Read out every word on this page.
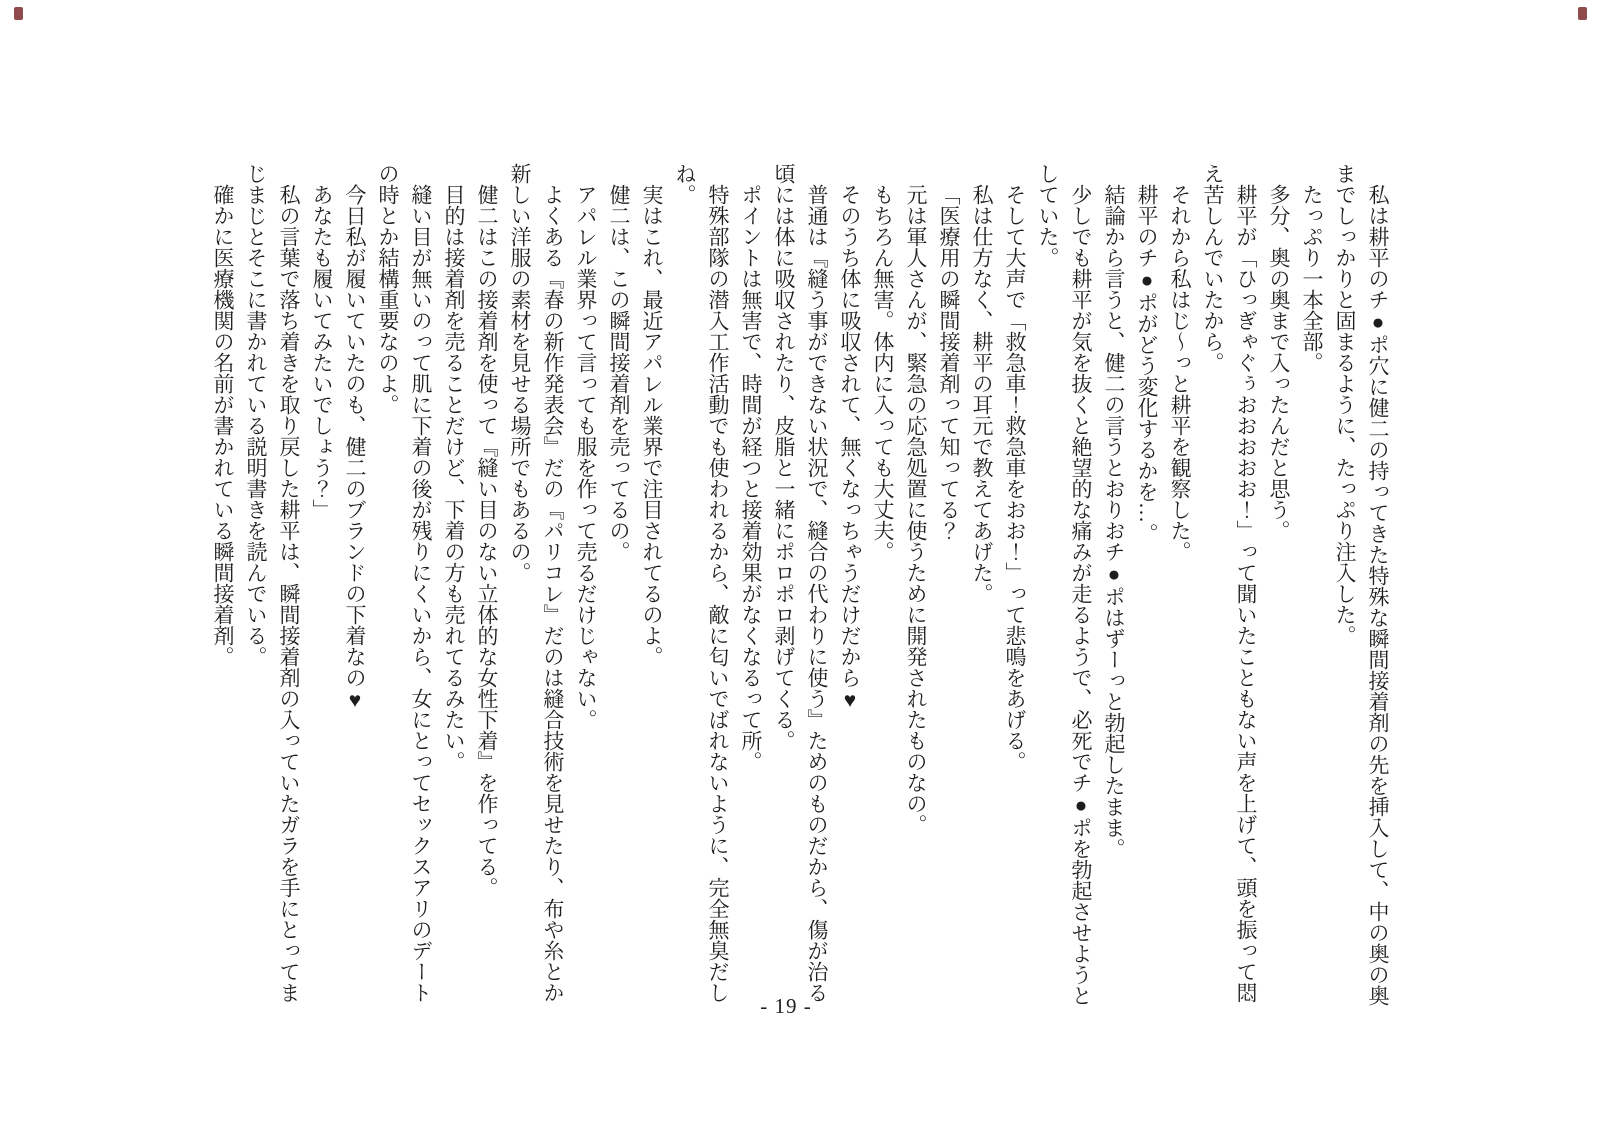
私は耕平のチ●ポ穴に健二の持ってきた特殊な瞬間接着剤の先を挿入して、中の奥の奥

までしっかりと固まるように、たっぷり注入した。

たっぷり一本全部。

多分、奥の奥まで入ったんだと思う。

耕平が「ひっぎゃぐぅおおおおお！」って聞いたこともない声を上げて、頭を振って悶

え苦しんでいたから。

それから私はじ〜っと耕平を観察した。

耕平のチ●ポがどう変化するかを…。

結論から言うと、健二の言うとおりおチ●ポはずーっと勃起したまま。

少しでも耕平が気を抜くと絶望的な痛みが走るようで、必死でチ●ポを勃起させようと

していた。

そして大声で「救急車！救急車をおお！」って悲鳴をあげる。

私は仕方なく、耕平の耳元で教えてあげた。

「医療用の瞬間接着剤って知ってる？

元は軍人さんが、緊急の応急処置に使うために開発されたものなの。

もちろん無害。体内に入っても大丈夫。

そのうち体に吸収されて、無くなっちゃうだけだから♥

普通は『縫う事ができない状況で、縫合の代わりに使う』ためのものだから、傷が治る

頃には体に吸収されたり、皮脂と一緒にポロポロ剥げてくる。

ポイントは無害で、時間が経つと接着効果がなくなるって所。

特殊部隊の潜入工作活動でも使われるから、敵に匂いでばれないように、完全無臭だし

ね。

実はこれ、最近アパレル業界で注目されてるのよ。

健二は、この瞬間接着剤を売ってるの。

アパレル業界って言っても服を作って売るだけじゃない。

よくある『春の新作発表会』だの『パリコレ』だのは縫合技術を見せたり、布や糸とか

新しい洋服の素材を見せる場所でもあるの。

健二はこの接着剤を使って『縫い目のない立体的な女性下着』を作ってる。

目的は接着剤を売ることだけど、下着の方も売れてるみたい。

縫い目が無いのって肌に下着の後が残りにくいから、女にとってセックスアリのデート

の時とか結構重要なのよ。

今日私が履いていたのも、健二のブランドの下着なの♥

あなたも履いてみたいでしょう？」

私の言葉で落ち着きを取り戻した耕平は、瞬間接着剤の入っていたガラを手にとってま

じまじとそこに書かれている説明書きを読んでいる。

確かに医療機関の名前が書かれている瞬間接着剤。

- 19 -
